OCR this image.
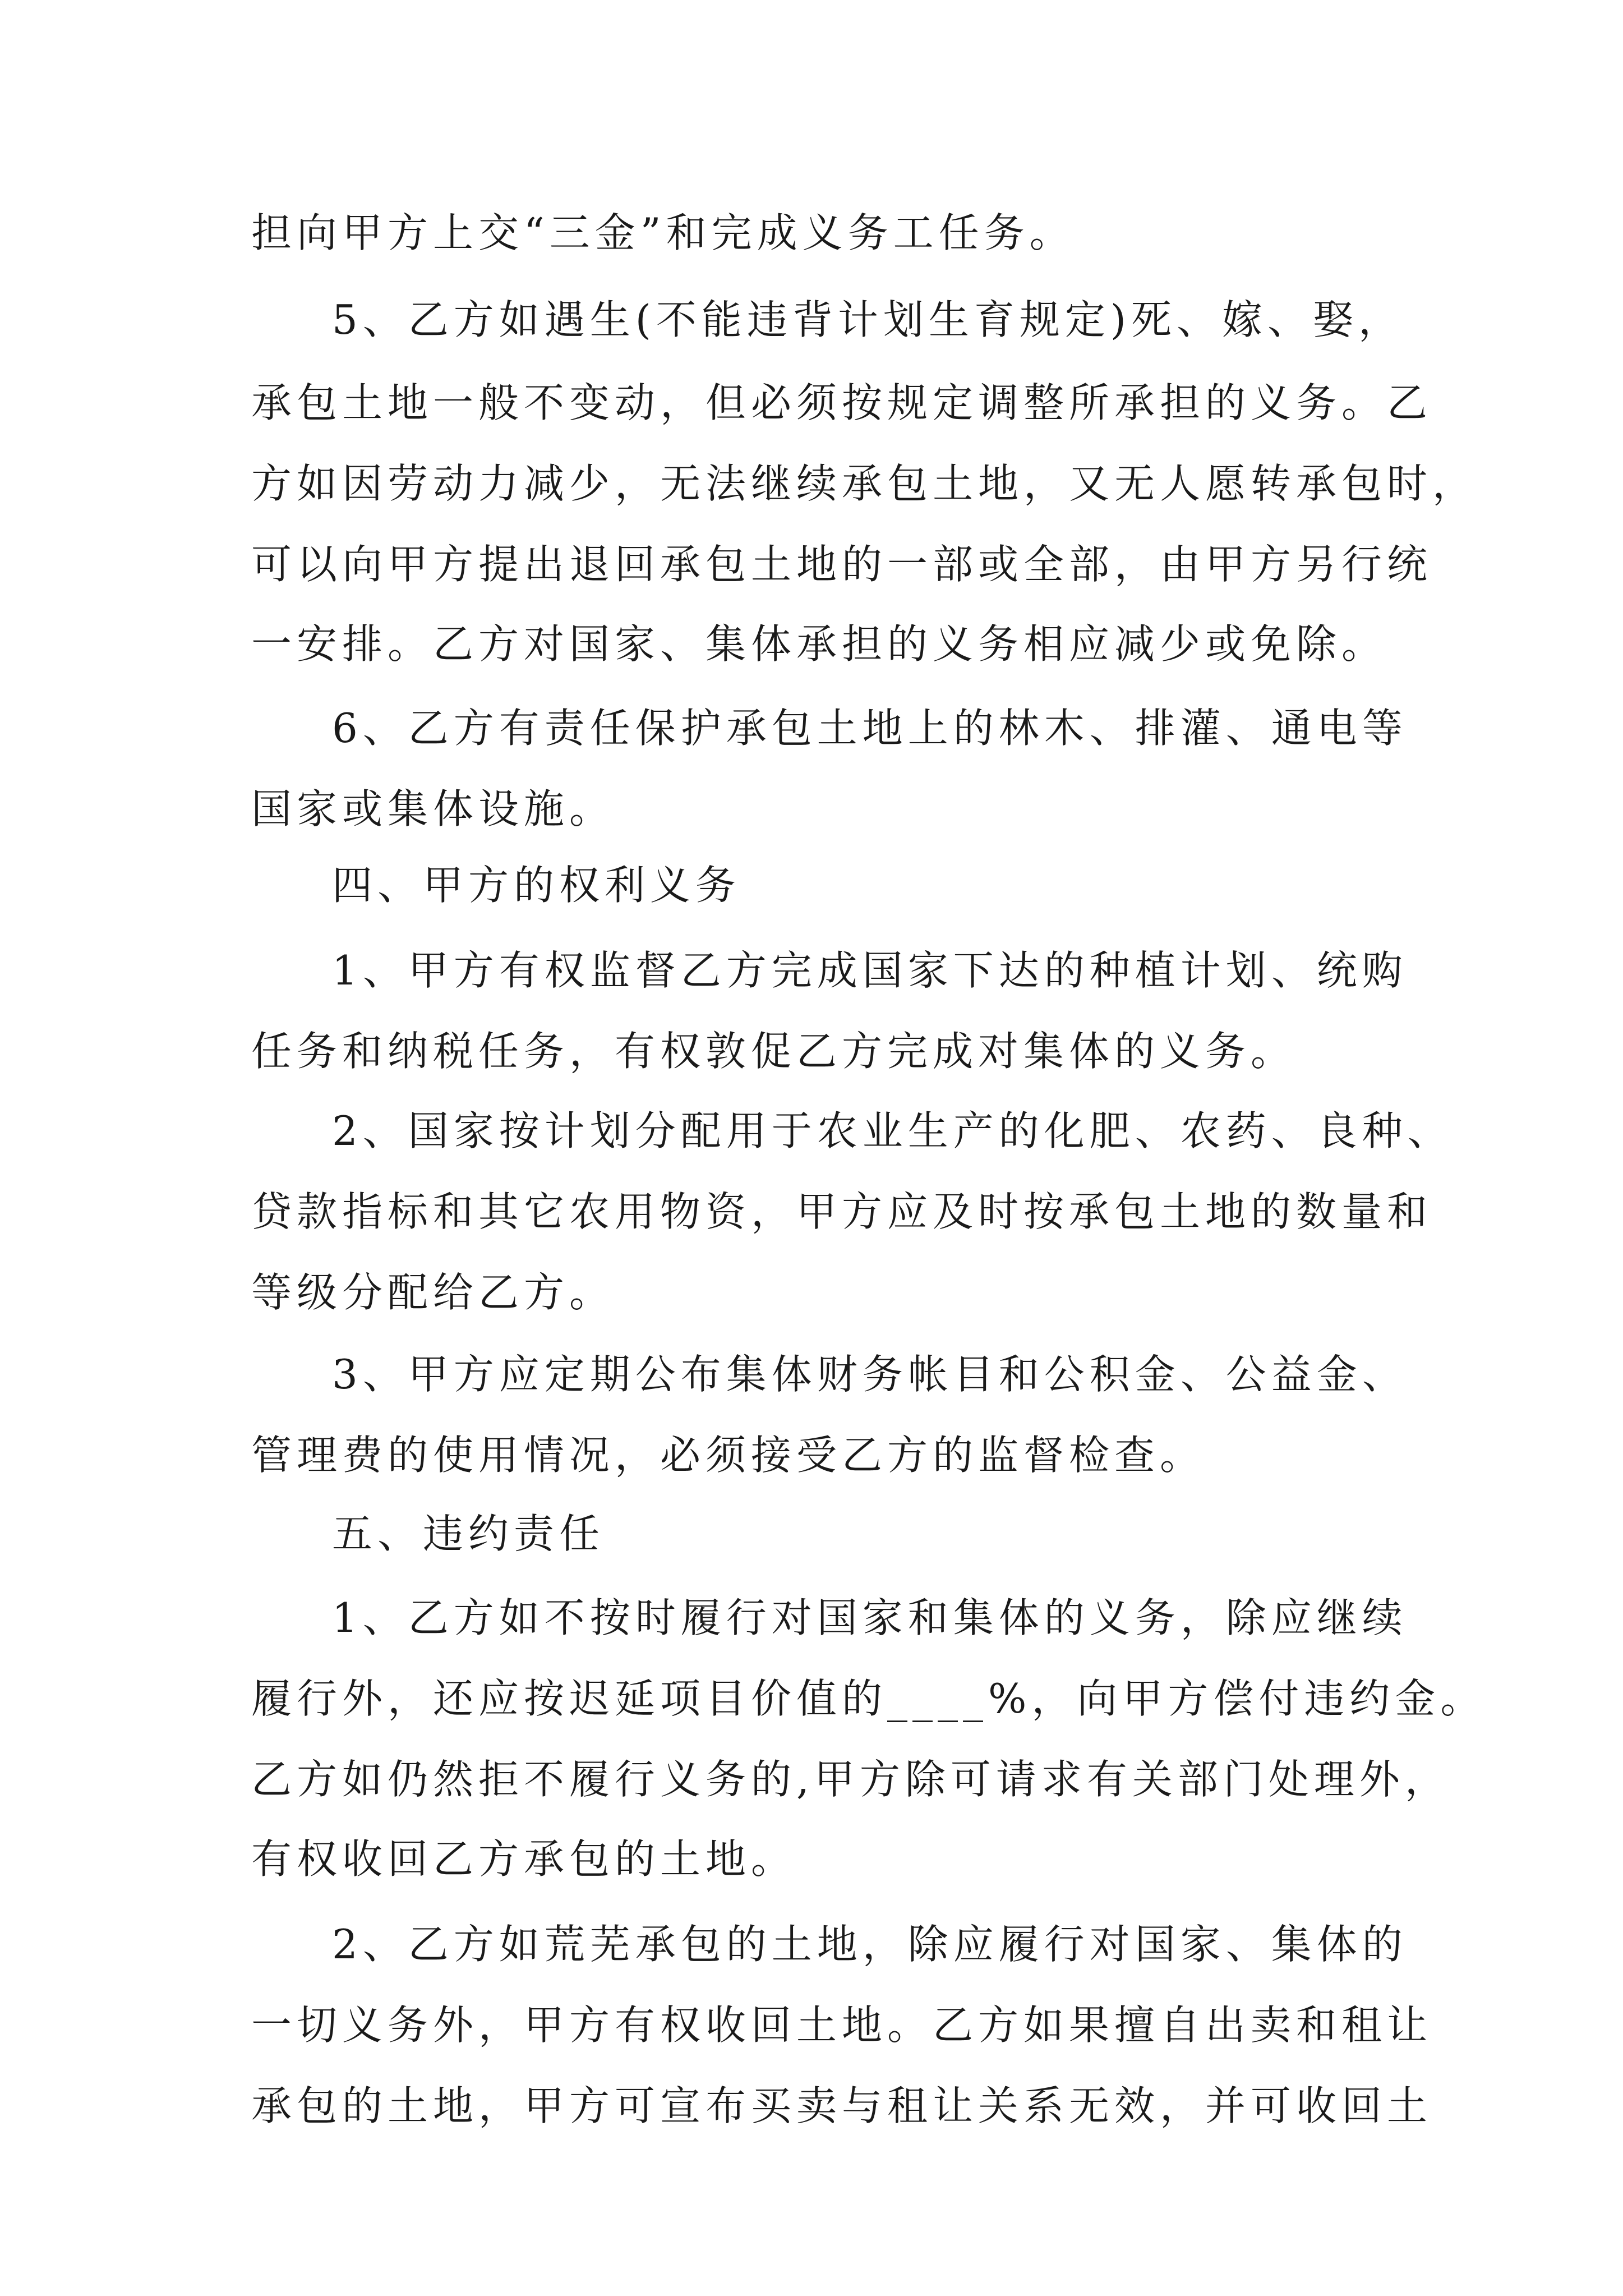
担向甲方上交“三金”和完成义务工任务。
5、乙方如遇生(不能违背计划生育规定)死、嫁、娶，
承包土地一般不变动，但必须按规定调整所承担的义务。乙
方如因劳动力减少，无法继续承包土地，又无人愿转承包时，
可以向甲方提出退回承包土地的一部或全部，由甲方另行统
一安排。乙方对国家、集体承担的义务相应减少或免除。
6、乙方有责任保护承包土地上的林木、排灌、通电等
国家或集体设施。
四、甲方的权利义务
1、甲方有权监督乙方完成国家下达的种植计划、统购
任务和纳税任务，有权敦促乙方完成对集体的义务。
2、国家按计划分配用于农业生产的化肥、农药、良种、
贷款指标和其它农用物资，甲方应及时按承包土地的数量和
等级分配给乙方。
3、甲方应定期公布集体财务帐目和公积金、公益金、
管理费的使用情况，必须接受乙方的监督检查。
五、违约责任
1、乙方如不按时履行对国家和集体的义务，除应继续
履行外，还应按迟延项目价值的____%，向甲方偿付违约金。
乙方如仍然拒不履行义务的,甲方除可请求有关部门处理外，
有权收回乙方承包的土地。
2、乙方如荒芜承包的土地，除应履行对国家、集体的
一切义务外，甲方有权收回土地。乙方如果擅自出卖和租让
承包的土地，甲方可宣布买卖与租让关系无效，并可收回土
